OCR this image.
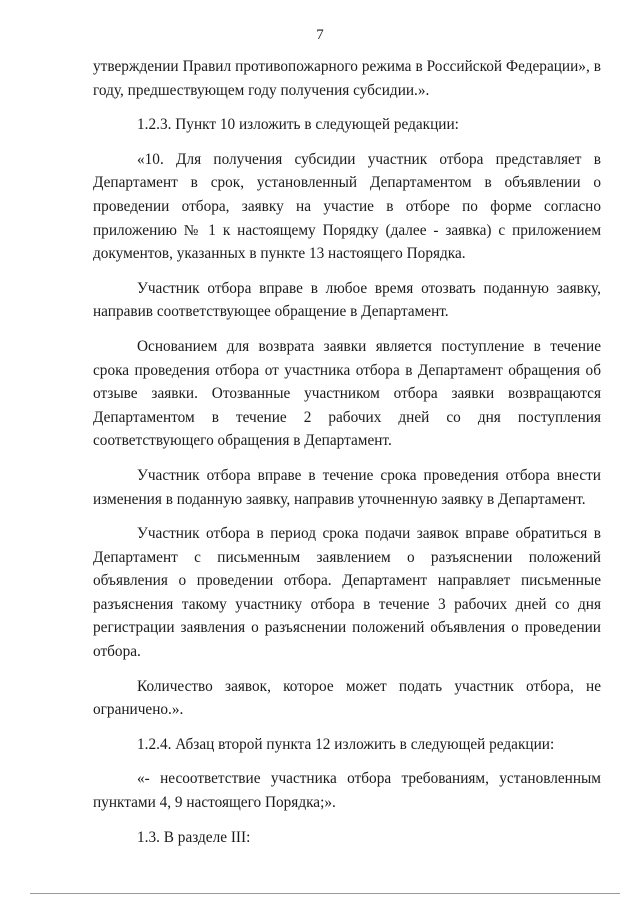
7

утверждении Правил противопожарного режима в Российской Федерации», в году, предшествующем году получения субсидии.».

1.2.3. Пункт 10 изложить в следующей редакции:

«10. Для получения субсидии участник отбора представляет в Департамент в срок, установленный Департаментом в объявлении о проведении отбора, заявку на участие в отборе по форме согласно приложению № 1 к настоящему Порядку (далее - заявка) с приложением документов, указанных в пункте 13 настоящего Порядка.

Участник отбора вправе в любое время отозвать поданную заявку, направив соответствующее обращение в Департамент.

Основанием для возврата заявки является поступление в течение срока проведения отбора от участника отбора в Департамент обращения об отзыве заявки. Отозванные участником отбора заявки возвращаются Департаментом в течение 2 рабочих дней со дня поступления соответствующего обращения в Департамент.

Участник отбора вправе в течение срока проведения отбора внести изменения в поданную заявку, направив уточненную заявку в Департамент.

Участник отбора в период срока подачи заявок вправе обратиться в Департамент с письменным заявлением о разъяснении положений объявления о проведении отбора. Департамент направляет письменные разъяснения такому участнику отбора в течение 3 рабочих дней со дня регистрации заявления о разъяснении положений объявления о проведении отбора.

Количество заявок, которое может подать участник отбора, не ограничено.».

1.2.4. Абзац второй пункта 12 изложить в следующей редакции:

«- несоответствие участника отбора требованиям, установленным пунктами 4, 9 настоящего Порядка;».

1.3. В разделе III:
